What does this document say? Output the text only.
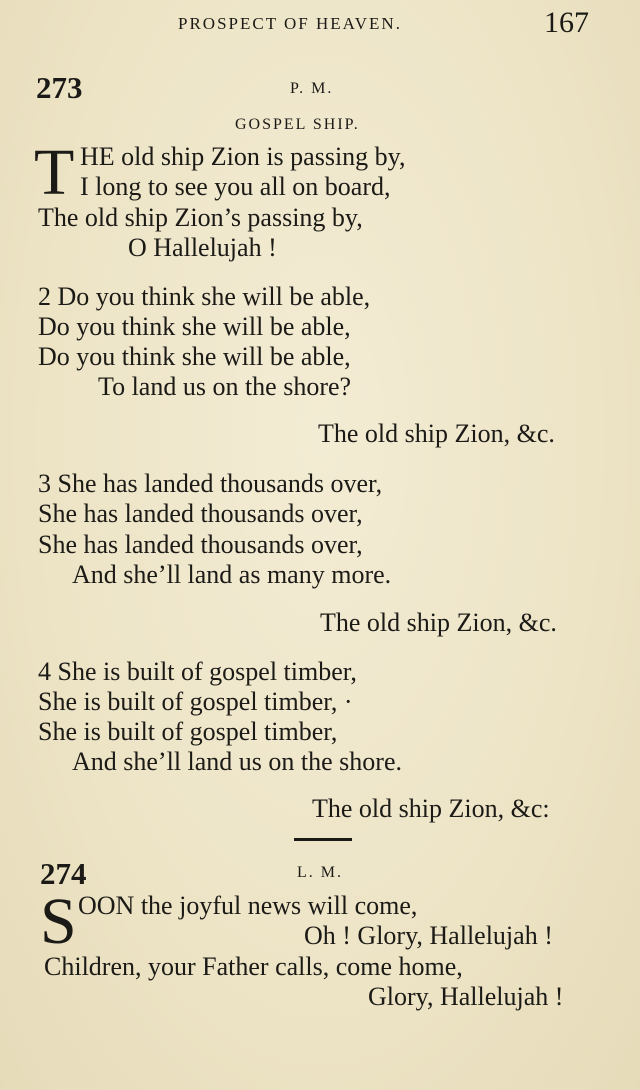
PROSPECT OF HEAVEN.	167
273	P. M.
GOSPEL SHIP.
T HE old ship Zion is passing by,
I long to see you all on board,
The old ship Zion’s passing by,
O Hallelujah !
2 Do you think she will be able,
Do you think she will be able,
Do you think she will be able,
To land us on the shore?
The old ship Zion, &c.
3 She has landed thousands over,
She has landed thousands over,
She has landed thousands over,
And she’ll land as many more.
The old ship Zion, &c.
4 She is built of gospel timber,
She is built of gospel timber, ·
She is built of gospel timber,
And she’ll land us on the shore.
The old ship Zion, &c:
274	L. M.
S OON the joyful news will come,
Oh ! Glory, Hallelujah !
Children, your Father calls, come home,
Glory, Hallelujah !
